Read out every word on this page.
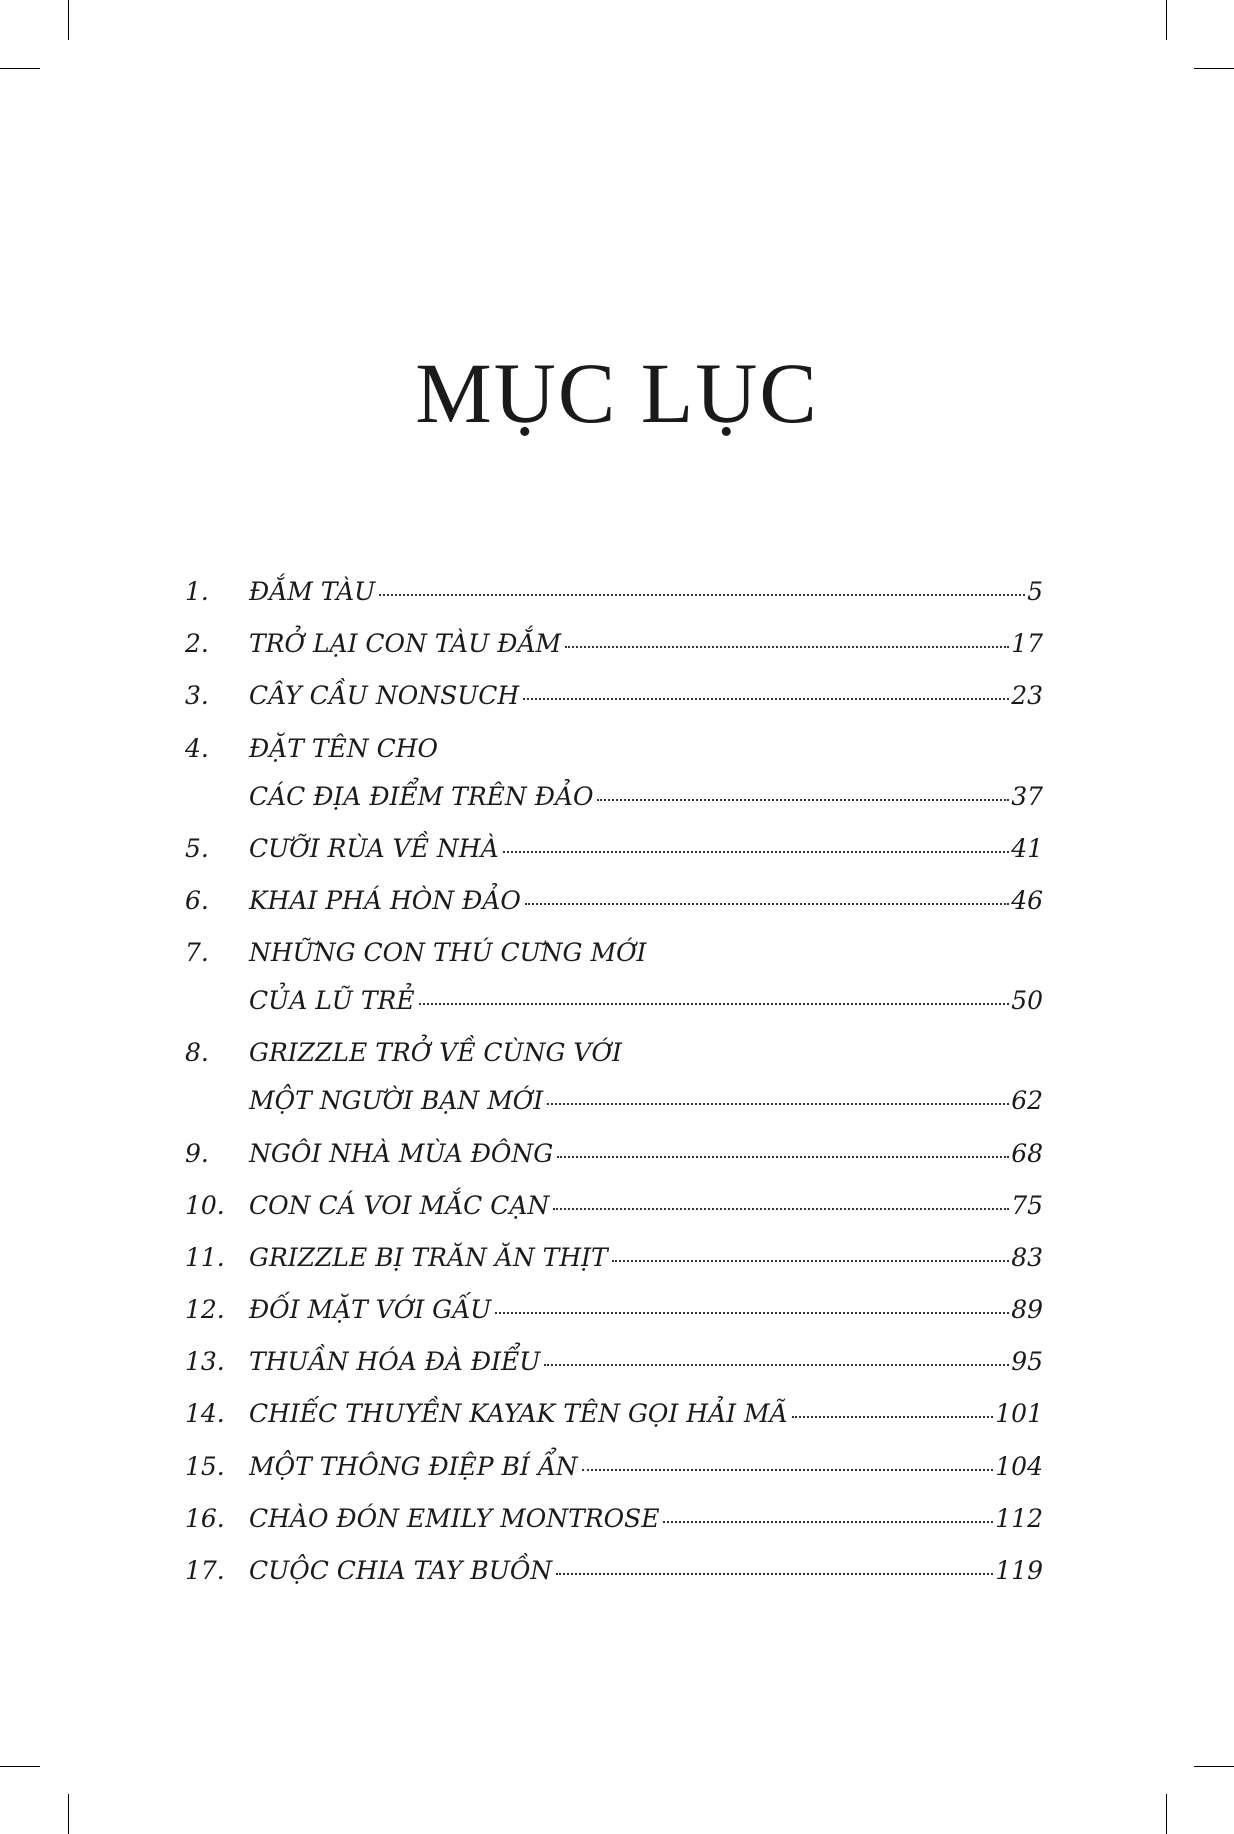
MỤC LỤC
1.	ĐẮM TÀU	5
2.	TRỞ LẠI CON TÀU ĐẮM	17
3.	CÂY CẦU NONSUCH	23
4.	ĐẶT TÊN CHO
CÁC ĐỊA ĐIỂM TRÊN ĐẢO	37
5.	CƯỠI RÙA VỀ NHÀ	41
6.	KHAI PHÁ HÒN ĐẢO	46
7.	NHỮNG CON THÚ CƯNG MỚI
CỦA LŨ TRẺ	50
8.	GRIZZLE TRỞ VỀ CÙNG VỚI
MỘT NGƯỜI BẠN MỚI	62
9.	NGÔI NHÀ MÙA ĐÔNG	68
10. CON CÁ VOI MẮC CẠN	75
11. GRIZZLE BỊ TRĂN ĂN THỊT	83
12. ĐỐI MẶT VỚI GẤU	89
13. THUẦN HÓA ĐÀ ĐIỂU	95
14. CHIẾC THUYỀN KAYAK TÊN GỌI HẢI MÃ	101
15. MỘT THÔNG ĐIỆP BÍ ẨN	104
16. CHÀO ĐÓN EMILY MONTROSE	112
17. CUỘC CHIA TAY BUỒN	119
